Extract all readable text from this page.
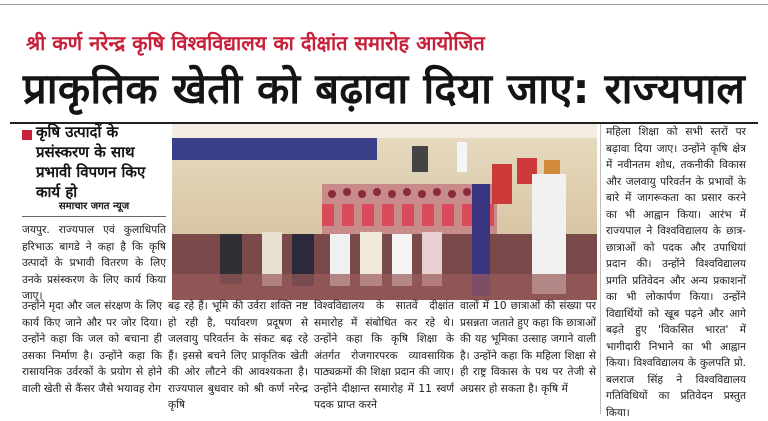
श्री कर्ण नरेन्द्र कृषि विश्वविद्यालय का दीक्षांत समारोह आयोजित
प्राकृतिक खेती को बढ़ावा दिया जाए: राज्यपाल
कृषि उत्पादों के प्रसंस्करण के साथ प्रभावी विपणन किए कार्य हो
समाचार जगत न्यूज

जयपुर. राज्यपाल एवं कुलाधिपति हरिभाऊ बागडे ने कहा है कि कृषि उत्पादों के प्रभावी वितरण के लिए उनके प्रसंस्करण के लिए कार्य किया जाए।

उन्होंने मृदा और जल संरक्षण के लिए कार्य किए जाने और पर जोर दिया। उन्होंने कहा कि जल को बचाना ही उसका निर्माण है। उन्होंने कहा कि रासायनिक उर्वरकों के प्रयोग से होने वाली खेती से कैंसर जैसे भयावह रोग

बढ़ रहे हैं। भूमि की उर्वरा शक्ति नष्ट हो रही है, पर्यावरण प्रदूषण से जलवायु परिवर्तन के संकट बढ़ रहे हैं। इससे बचने लिए प्राकृतिक खेती की ओर लौटने की आवश्यकता है। राज्यपाल बुधवार को श्री कर्ण नरेन्द्र कृषि

विश्वविद्यालय के सातवें दीक्षांत समारोह में संबोधित कर रहे थे। उन्होंने कहा कि कृषि शिक्षा के अंतर्गत रोजगारपरक व्यावसायिक पाठ्यक्रमों की शिक्षा प्रदान की जाए। उन्होंने दीक्षान्त समारोह में 11 स्वर्ण पदक प्राप्त करने

वालों में 10 छात्राओं की संख्या पर प्रसन्नता जताते हुए कहा कि छात्राओं की यह भूमिका उत्साह जगाने वाली है। उन्होंने कहा कि महिला शिक्षा से ही राष्ट्र विकास के पथ पर तेजी से अग्रसर हो सकता है। कृषि में

महिला शिक्षा को सभी स्तरों पर बढ़ावा दिया जाए। उन्होंने कृषि क्षेत्र में नवीनतम शोध, तकनीकी विकास और जलवायु परिवर्तन के प्रभावों के बारे में जागरूकता का प्रसार करने का भी आह्वान किया। आरंभ में राज्यपाल ने विश्वविद्यालय के छात्र-छात्राओं को पदक और उपाधियां प्रदान की। उन्होंने विश्वविद्यालय प्रगति प्रतिवेदन और अन्य प्रकाशनों का भी लोकार्पण किया। उन्होंने विद्यार्थियों को खूब पढ़ने और आगे बढ़ते हुए 'विकसित भारत' में भागीदारी निभाने का भी आह्वान किया। विश्वविद्यालय के कुलपति प्रो. बलराज सिंह ने विश्वविद्यालय गतिविधियों का प्रतिवेदन प्रस्तुत किया।
